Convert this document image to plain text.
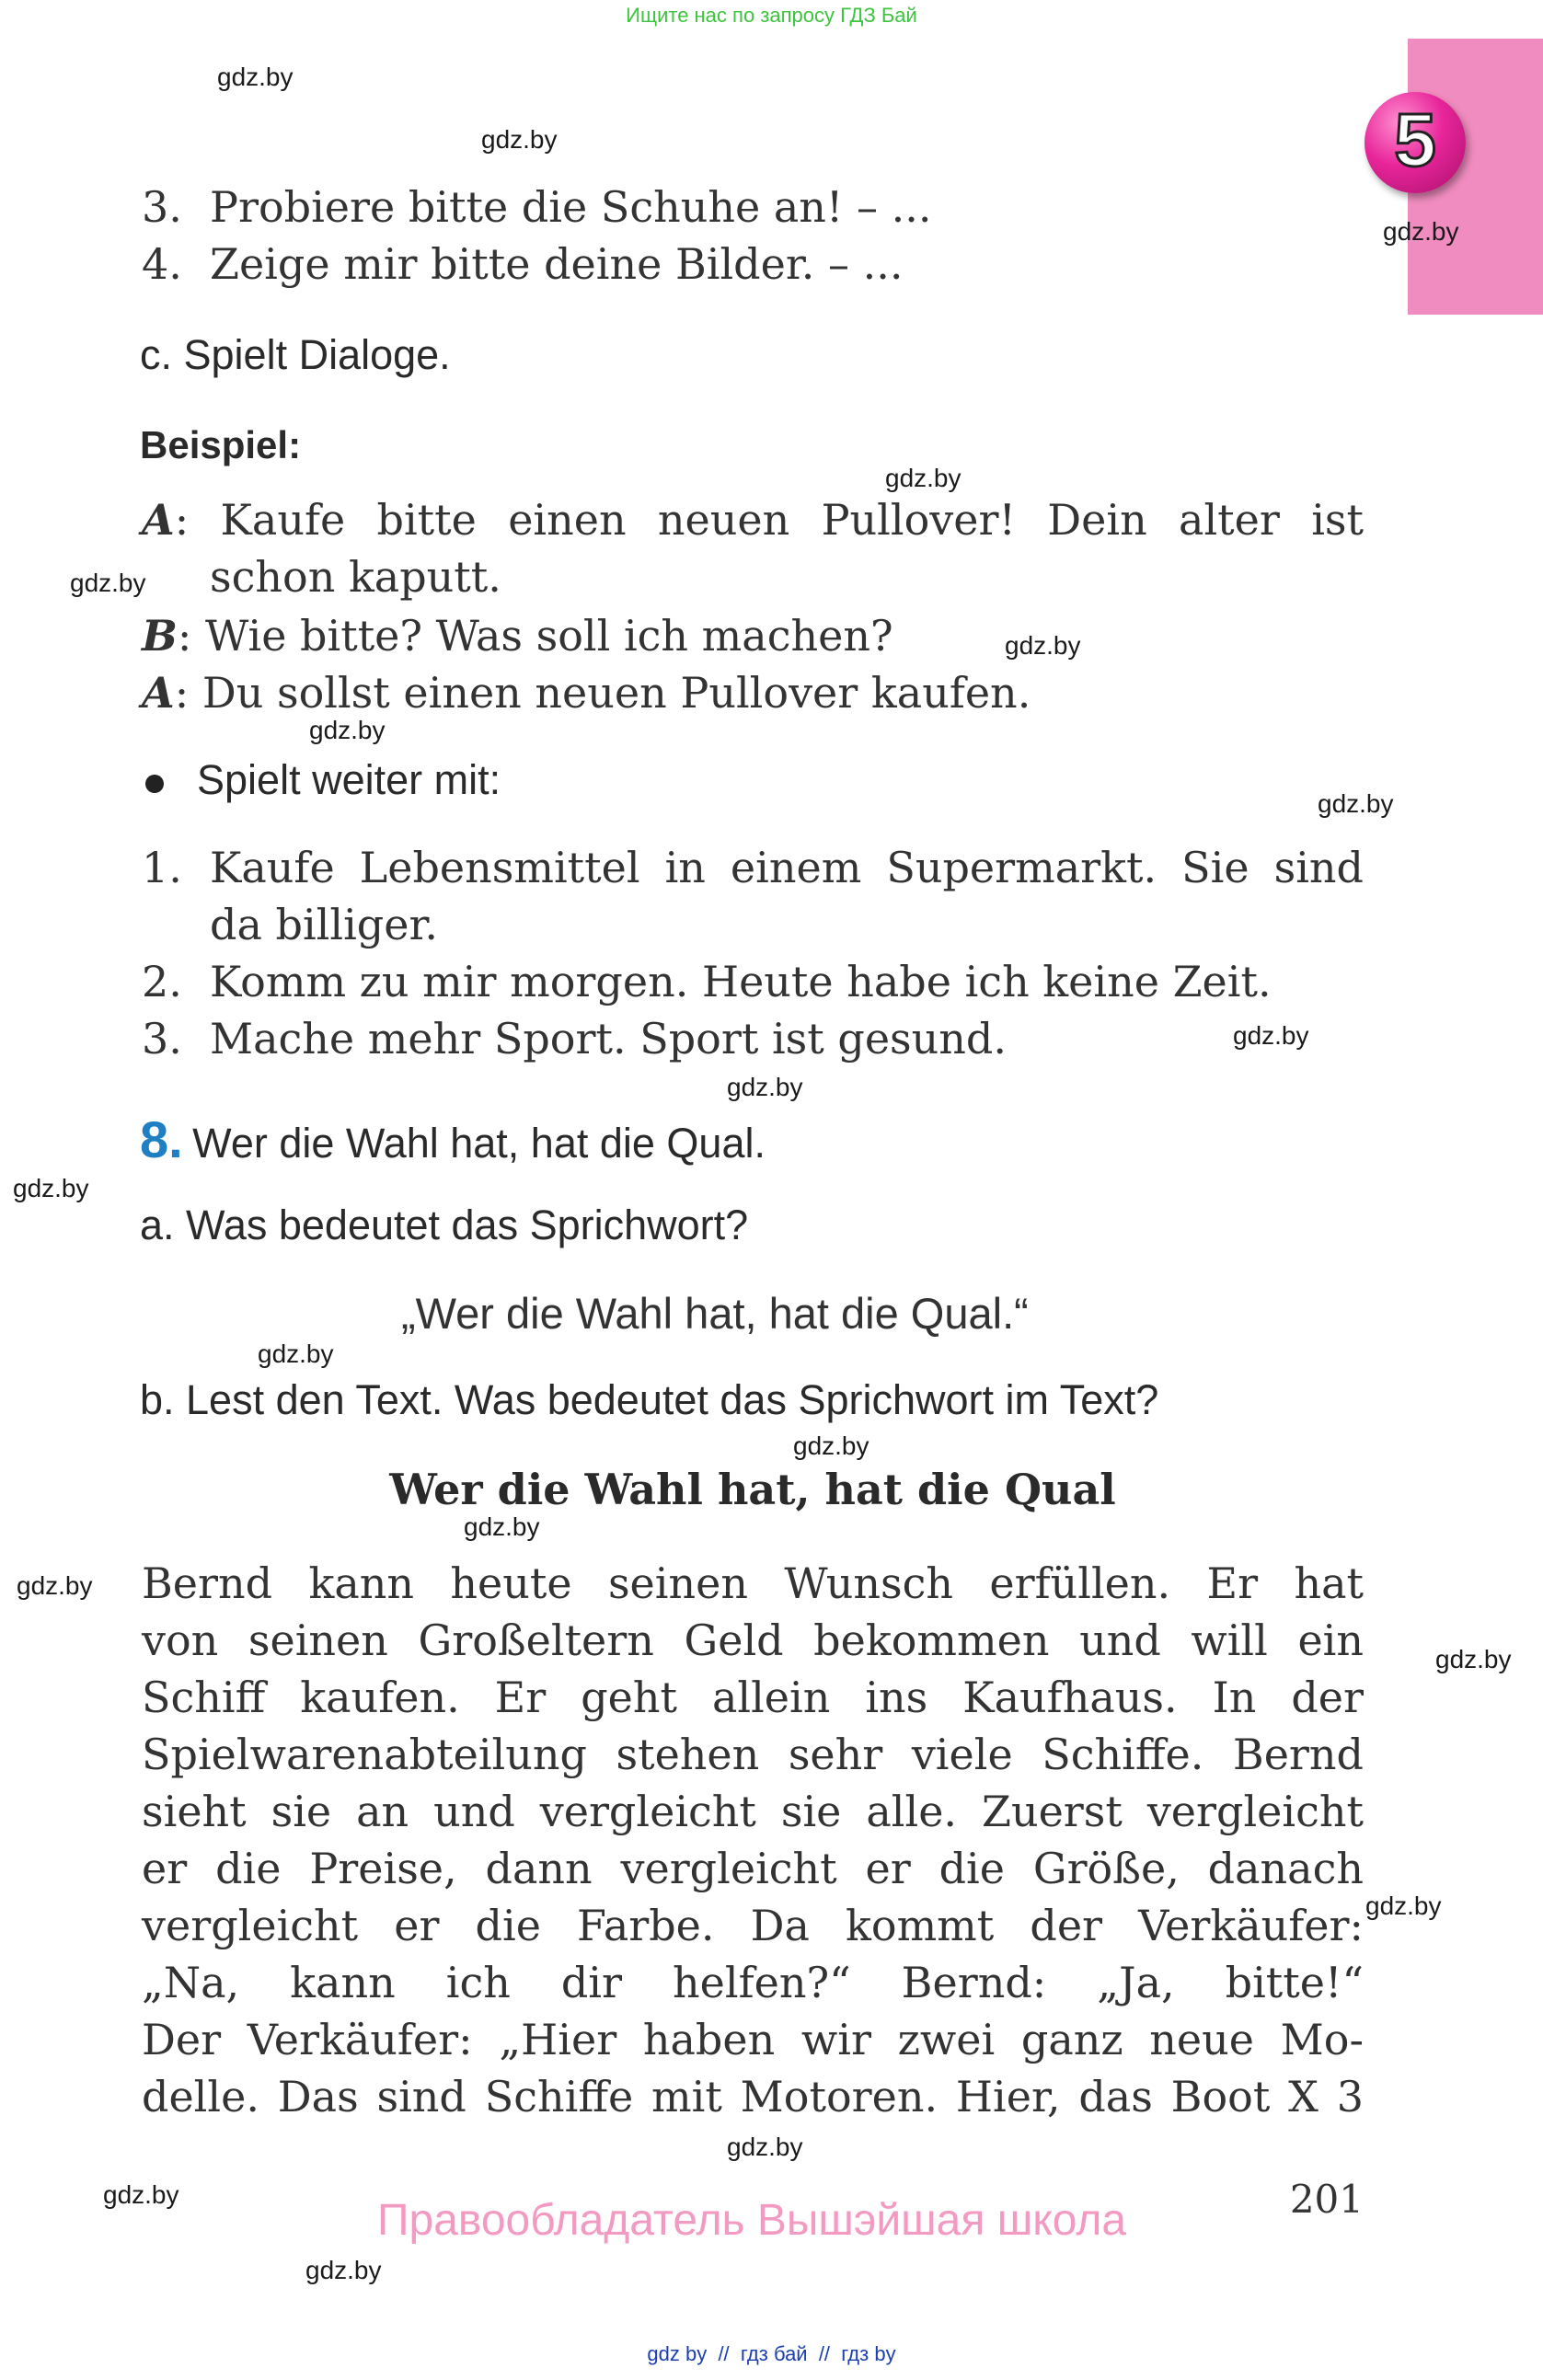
Ищите нас по запросу ГДЗ Бай
5
gdz.by
gdz.by
gdz.by
gdz.by
gdz.by
gdz.by
gdz.by
gdz.by
gdz.by
gdz.by
gdz.by
gdz.by
gdz.by
gdz.by
gdz.by
gdz.by
gdz.by
gdz.by
gdz.by
gdz.by
3. Probiere bitte die Schuhe an! – ...
4. Zeige mir bitte deine Bilder. – ...
c. Spielt Dialoge.
Beispiel:
A: Kaufe bitte einen neuen Pullover! Dein alter ist
schon kaputt.
B: Wie bitte? Was soll ich machen?
A: Du sollst einen neuen Pullover kaufen.
Spielt weiter mit:
1. Kaufe Lebensmittel in einem Supermarkt. Sie sind
da billiger.
2. Komm zu mir morgen. Heute habe ich keine Zeit.
3. Mache mehr Sport. Sport ist gesund.
8. Wer die Wahl hat, hat die Qual.
a. Was bedeutet das Sprichwort?
„Wer die Wahl hat, hat die Qual.“
b. Lest den Text. Was bedeutet das Sprichwort im Text?
Wer die Wahl hat, hat die Qual
Bernd kann heute seinen Wunsch erfüllen. Er hat
von seinen Großeltern Geld bekommen und will ein
Schiff kaufen. Er geht allein ins Kaufhaus. In der
Spielwarenabteilung stehen sehr viele Schiffe. Bernd
sieht sie an und vergleicht sie alle. Zuerst vergleicht
er die Preise, dann vergleicht er die Größe, danach
vergleicht er die Farbe. Da kommt der Verkäufer:
„Na, kann ich dir helfen?“ Bernd: „Ja, bitte!“
Der Verkäufer: „Hier haben wir zwei ganz neue Mo-
delle. Das sind Schiffe mit Motoren. Hier, das Boot X 3
201
Правообладатель Вышэйшая школа
gdz by  //  гдз бай  //  гдз by
